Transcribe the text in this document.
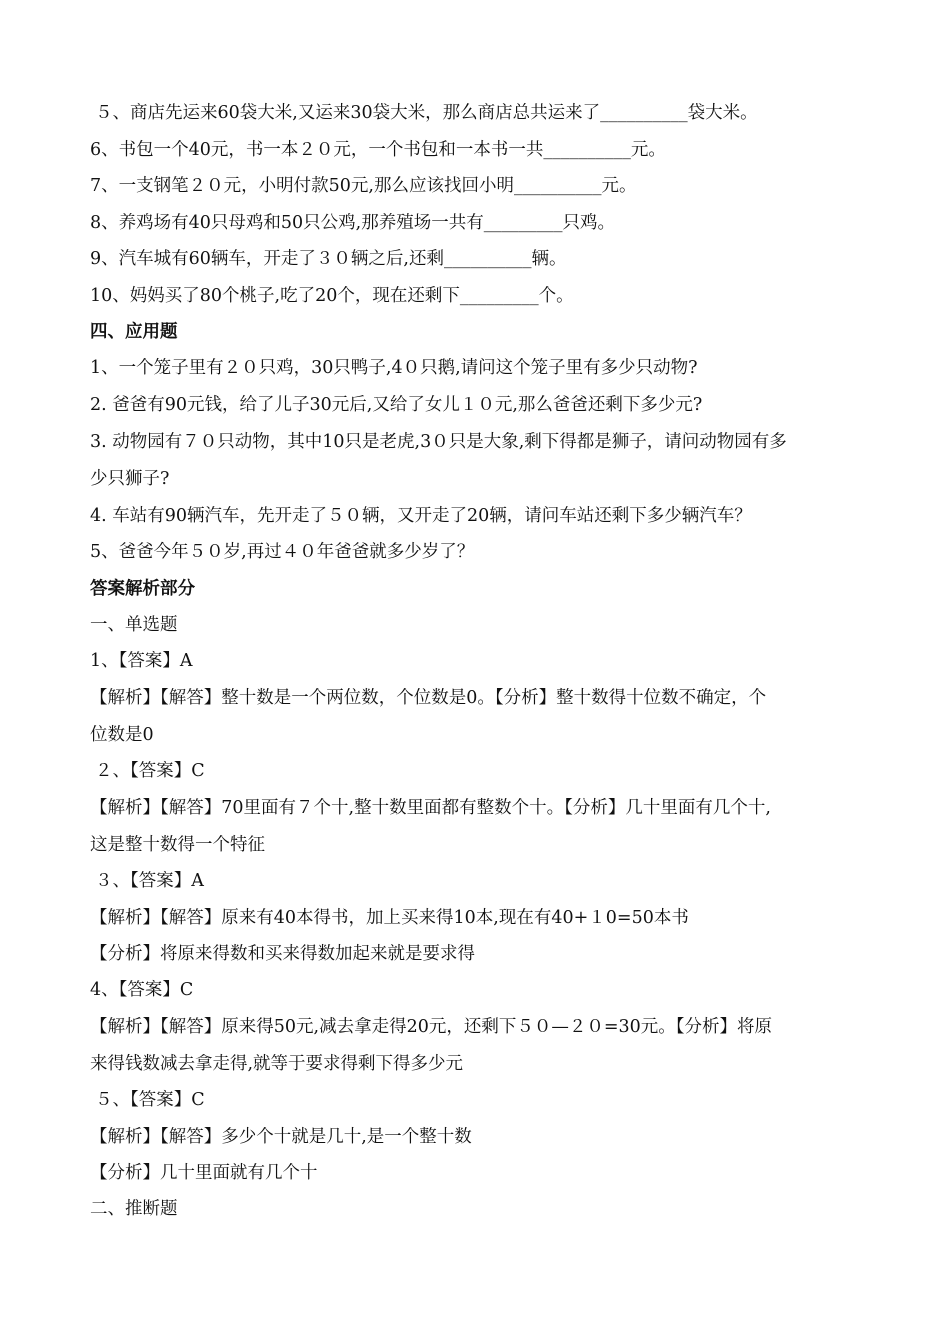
５、商店先运来60袋大米,又运来30袋大米，那么商店总共运来了__________袋大米。
6、书包一个40元，书一本２０元，一个书包和一本书一共__________元。
7、一支钢笔２０元，小明付款50元,那么应该找回小明__________元。
8、养鸡场有40只母鸡和50只公鸡,那养殖场一共有_________只鸡。
9、汽车城有60辆车，开走了３０辆之后,还剩__________辆。
10、妈妈买了80个桃子,吃了20个，现在还剩下_________个。
四、应用题
1、一个笼子里有２０只鸡，30只鸭子,4０只鹅,请问这个笼子里有多少只动物?
2. 爸爸有90元钱，给了儿子30元后,又给了女儿１０元,那么爸爸还剩下多少元?
3. 动物园有７０只动物，其中10只是老虎,3０只是大象,剩下得都是狮子，请问动物园有多
少只狮子?
4. 车站有90辆汽车，先开走了５０辆，又开走了20辆，请问车站还剩下多少辆汽车？
5、爸爸今年５０岁,再过４０年爸爸就多少岁了？
答案解析部分
一、单选题
1、【答案】A
【解析】【解答】整十数是一个两位数，个位数是0。【分析】整十数得十位数不确定，个
位数是0
２、【答案】C
【解析】【解答】70里面有７个十,整十数里面都有整数个十。【分析】几十里面有几个十,
这是整十数得一个特征
３、【答案】A
【解析】【解答】原来有40本得书，加上买来得10本,现在有40+１0=50本书
【分析】将原来得数和买来得数加起来就是要求得
4、【答案】C
【解析】【解答】原来得50元,减去拿走得20元，还剩下５０—２０=30元。【分析】将原
来得钱数减去拿走得,就等于要求得剩下得多少元
５、【答案】C
【解析】【解答】多少个十就是几十,是一个整十数
【分析】几十里面就有几个十
二、推断题
